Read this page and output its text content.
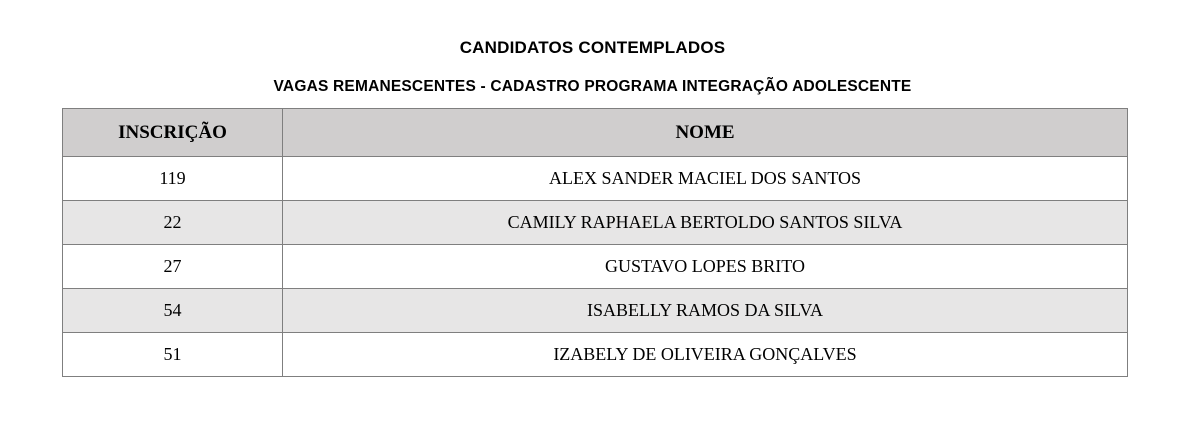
CANDIDATOS CONTEMPLADOS
VAGAS REMANESCENTES - CADASTRO PROGRAMA INTEGRAÇÃO ADOLESCENTE
INSCRIÇÃO	NOME
119	ALEX SANDER MACIEL DOS SANTOS
22	CAMILY RAPHAELA BERTOLDO SANTOS SILVA
27	GUSTAVO LOPES BRITO
54	ISABELLY RAMOS DA SILVA
51	IZABELY DE OLIVEIRA GONÇALVES
